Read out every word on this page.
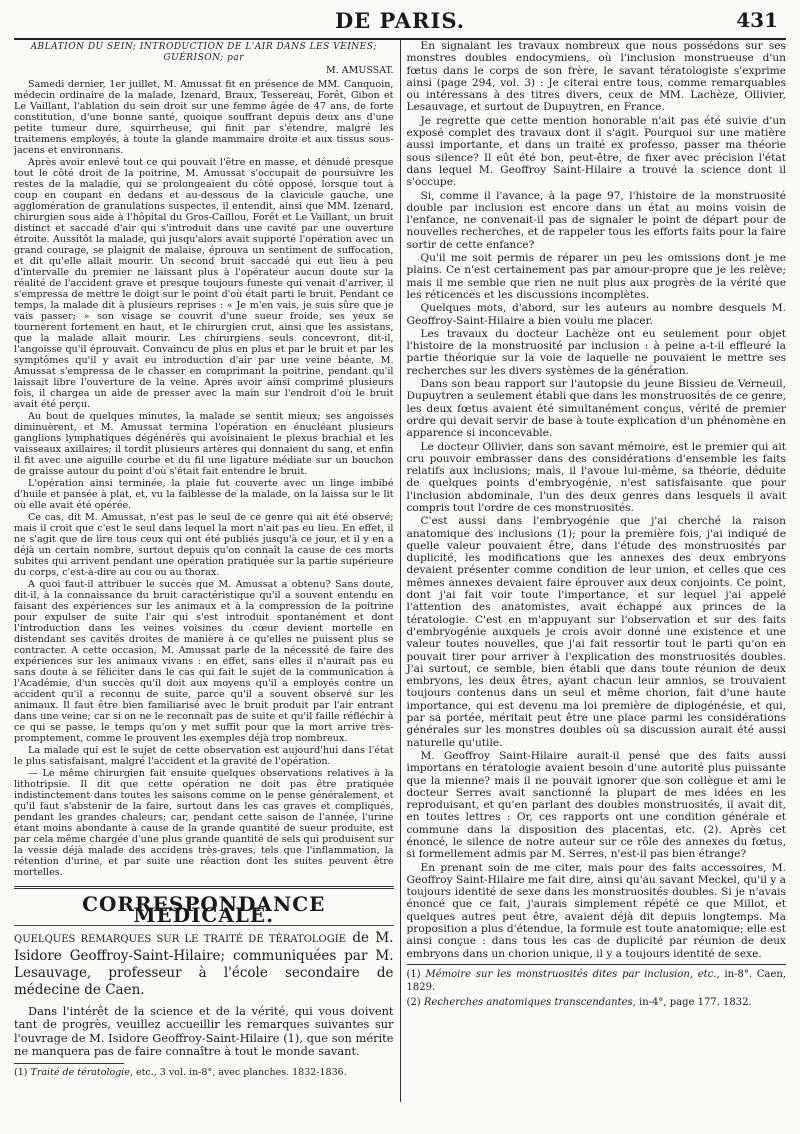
DE PARIS.	431
ABLATION DU SEIN; INTRODUCTION DE L'AIR DANS LES VEINES; GUÉRISON; par
M. AMUSSAT.

Samedi dernier, 1er juillet, M. Amussat fit en présence de MM. Canquoin, médecin ordinaire de la malade, Izenard, Braux, Tessereau, Forêt, Gibon et Le Vaillant, l'ablation du sein droit sur une femme âgée de 47 ans, de forte constitution, d'une bonne santé, quoique souffrant depuis deux ans d'une petite tumeur dure, squirrheuse, qui finit par s'étendre, malgré les traitemens employés, à toute la glande mammaire droite et aux tissus sous-jacens et environnans.

Après avoir enlevé tout ce qui pouvait l'être en masse, et dénudé presque tout le côté droit de la poitrine, M. Amussat s'occupait de poursuivre les restes de la maladie, qui se prolongeaient du côté opposé, lorsque tout à coup en coupant en dedans et au-dessous de la clavicule gauche, une agglomération de granulations suspectes, il entendit, ainsi que MM. Izenard, chirurgien sous aide à l'hôpital du Gros-Caillou, Forêt et Le Vaillant, un bruit distinct et saccadé d'air qui s'introduit dans une cavité par une ouverture étroite. Aussitôt la malade, qui jusqu'alors avait supporté l'opération avec un grand courage, se plaignit de malaise, éprouva un sentiment de suffocation, et dit qu'elle allait mourir. Un second bruit saccadé qui eut lieu à peu d'intervalle du premier ne laissant plus à l'opérateur aucun doute sur la réalité de l'accident grave et presque toujours funeste qui venait d'arriver, il s'empressa de mettre le doigt sur le point d'où était parti le bruit. Pendant ce temps, la malade dit à plusieurs reprises : « Je m'en vais, je suis sûre que je vais passer; » son visage se couvrit d'une sueur froide, ses yeux se tournèrent fortement en haut, et le chirurgien crut, ainsi que les assistans, que la malade allait mourir. Les chirurgiens seuls concevront, dit-il, l'angoisse qu'il éprouvait. Convaincu de plus en plus et par le bruit et par les symptômes qu'il y avait eu introduction d'air par une veine béante, M. Amussat s'empressa de le chasser en comprimant la poitrine, pendant qu'il laissait libre l'ouverture de la veine. Après avoir ainsi comprimé plusieurs fois, il chargea un aide de presser avec la main sur l'endroit d'où le bruit avait été perçu.

Au bout de quelques minutes, la malade se sentit mieux; ses angoisses diminuèrent, et M. Amussat termina l'opération en énucléant plusieurs ganglions lymphatiques dégénérés qui avoisinaient le plexus brachial et les vaisseaux axillaires; il tordit plusieurs artères qui donnaient du sang, et enfin il fit avec une aiguille courbe et du fil une ligature médiate sur un bouchon de graisse autour du point d'où s'était fait entendre le bruit.

L'opération ainsi terminée, la plaie fut couverte avec un linge imbibé d'huile et pansée à plat, et, vu la faiblesse de la malade, on la laissa sur le lit où elle avait été opérée.

Ce cas, dit M. Amussat, n'est pas le seul de ce genre qui ait été observé; mais il croit que c'est le seul dans lequel la mort n'ait pas eu lieu. En effet, il ne s'agit que de lire tous ceux qui ont été publiés jusqu'à ce jour, et il y en a déjà un certain nombre, surtout depuis qu'on connaît la cause de ces morts subites qui arrivent pendant une opération pratiquée sur la partie supérieure du corps, c'est-à-dire au cou ou au thorax.

A quoi faut-il attribuer le succès que M. Amussat a obtenu? Sans doute, dit-il, à la connaissance du bruit caractéristique qu'il a souvent entendu en faisant des expériences sur les animaux et à la compression de la poitrine pour expulser de suite l'air qui s'est introduit spontanément et dont l'introduction dans les veines voisines du cœur devient mortelle en distendant ses cavités droites de manière à ce qu'elles ne puissent plus se contracter. A cette occasion, M. Amussat parle de la nécessité de faire des expériences sur les animaux vivans : en effet, sans elles il n'aurait pas eu sans doute à se féliciter dans le cas qui fait le sujet de la communication à l'Académie, d'un succès qu'il doit aux moyens qu'il a employés contre un accident qu'il a reconnu de suite, parce qu'il a souvent observé sur les animaux. Il faut être bien familiarisé avec le bruit produit par l'air entrant dans une veine; car si on ne le reconnaît pas de suite et qu'il faille réfléchir à ce qui se passe, le temps qu'on y met suffit pour que la mort arrive très-promptement, comme le prouvent les exemples déjà trop nombreux.

La malade qui est le sujet de cette observation est aujourd'hui dans l'état le plus satisfaisant, malgré l'accident et la gravité de l'opération.

— Le même chirurgien fait ensuite quelques observations relatives à la lithotripsie. Il dit que cette opération ne doit pas être pratiquée indistinctement dans toutes les saisons comme on le pense généralement, et qu'il faut s'abstenir de la faire, surtout dans les cas graves et compliqués, pendant les grandes chaleurs; car, pendant cette saison de l'année, l'urine étant moins abondante à cause de la grande quantité de sueur produite, est par cela même chargée d'une plus grande quantité de sels qui produisent sur la vessie déjà malade des accidens très-graves, tels que l'inflammation, la rétention d'urine, et par suite une réaction dont les suites peuvent être mortelles.

CORRESPONDANCE MÉDICALE.
QUELQUES REMARQUES SUR LE TRAITÉ DE TÉRATOLOGIE de M. Isidore Geoffroy-Saint-Hilaire; communiquées par M. Lesauvage, professeur à l'école secondaire de médecine de Caen.

Dans l'intérêt de la science et de la vérité, qui vous doivent tant de progrès, veuillez accueillir les remarques suivantes sur l'ouvrage de M. Isidore Geoffroy-Saint-Hilaire (1), que son mérite ne manquera pas de faire connaître à tout le monde savant.

(1) Traité de tératologie, etc., 3 vol. in-8°, avec planches. 1832-1836.

En signalant les travaux nombreux que nous possédons sur ses monstres doubles endocymiens, où l'inclusion monstrueuse d'un fœtus dans le corps de son frère, le savant tératologiste s'exprime ainsi (page 294, vol. 3) : Je citerai entre tous, comme remarquables ou intéressans à des titres divers, ceux de MM. Lachèze, Ollivier, Lesauvage, et surtout de Dupuytren, en France.

Je regrette que cette mention honorable n'ait pas été suivie d'un exposé complet des travaux dont il s'agit. Pourquoi sur une matière aussi importante, et dans un traité ex professo, passer ma théorie sous silence? Il eût été bon, peut-être, de fixer avec précision l'état dans lequel M. Geoffroy Saint-Hilaire a trouvé la science dont il s'occupe.

Si, comme il l'avance, à la page 97, l'histoire de la monstruosité double par inclusion est encore dans un état au moins voisin de l'enfance, ne convenait-il pas de signaler le point de départ pour de nouvelles recherches, et de rappeler tous les efforts faits pour la faire sortir de cette enfance?

Qu'il me soit permis de réparer un peu les omissions dont je me plains. Ce n'est certainement pas par amour-propre que je les relève; mais il me semble que rien ne nuit plus aux progrès de la vérité que les réticences et les discussions incomplètes.

Quelques mots, d'abord, sur les auteurs au nombre desquels M. Geoffroy-Saint-Hilaire a bien voulu me placer.

Les travaux du docteur Lachèze ont eu seulement pour objet l'histoire de la monstruosité par inclusion : à peine a-t-il effleuré la partie théorique sur la voie de laquelle ne pouvaient le mettre ses recherches sur les divers systèmes de la génération.

Dans son beau rapport sur l'autopsie du jeune Bissieu de Verneuil, Dupuytren a seulement établi que dans les monstruosités de ce genre, les deux fœtus avaient été simultanément conçus, vérité de premier ordre qui devait servir de base à toute explication d'un phénomène en apparence si inconcevable.

Le docteur Ollivier, dans son savant mémoire, est le premier qui ait cru pouvoir embrasser dans des considérations d'ensemble les faits relatifs aux inclusions; mais, il l'avoue lui-même, sa théorie, déduite de quelques points d'embryogénie, n'est satisfaisante que pour l'inclusion abdominale, l'un des deux genres dans lesquels il avait compris tout l'ordre de ces monstruosités.

C'est aussi dans l'embryogénie que j'ai cherché la raison anatomique des inclusions (1); pour la première fois, j'ai indiqué de quelle valeur pouvaient être, dans l'étude des monstruosités par duplicité, les modifications que les annexes des deux embryons devaient présenter comme condition de leur union, et celles que ces mêmes annexes devaient faire éprouver aux deux conjoints. Ce point, dont j'ai fait voir toute l'importance, et sur lequel j'ai appelé l'attention des anatomistes, avait échappé aux princes de la tératologie. C'est en m'appuyant sur l'observation et sur des faits d'embryogénie auxquels je crois avoir donné une existence et une valeur toutes nouvelles, que j'ai fait ressortir tout le parti qu'on en pouvait tirer pour arriver à l'explication des monstruosités doubles. J'ai surtout, ce semble, bien établi que dans toute réunion de deux embryons, les deux êtres, ayant chacun leur amnios, se trouvaient toujours contenus dans un seul et même chorion, fait d'une haute importance, qui est devenu ma loi première de diplogénésie, et qui, par sa portée, méritait peut être une place parmi les considérations générales sur les monstres doubles où sa discussion aurait été aussi naturelle qu'utile.

M. Geoffroy Saint-Hilaire aurait-il pensé que des faits aussi importans en tératologie avaient besoin d'une autorité plus puissante que la mienne? mais il ne pouvait ignorer que son collègue et ami le docteur Serres avait sanctionné la plupart de mes idées en les reproduisant, et qu'en parlant des doubles monstruosités, il avait dit, en toutes lettres : Or, ces rapports ont une condition générale et commune dans la disposition des placentas, etc. (2). Après cet énoncé, le silence de notre auteur sur ce rôle des annexes du fœtus, si formellement admis par M. Serres, n'est-il pas bien étrange?

En prenant soin de me citer, mais pour des faits accessoires, M. Geoffroy Saint-Hilaire me fait dire, ainsi qu'au savant Meckel, qu'il y a toujours identité de sexe dans les monstruosités doubles. Si je n'avais énoncé que ce fait, j'aurais simplement répété ce que Millot, et quelques autres peut être, avaient déjà dit depuis longtemps. Ma proposition a plus d'étendue, la formule est toute anatomique; elle est ainsi conçue : dans tous les cas de duplicité par réunion de deux embryons dans un chorion unique, il y a toujours identité de sexe.

(1) Mémoire sur les monstruosités dites par inclusion, etc., in-8°. Caen, 1829.

(2) Recherches anatomiques transcendantes, in-4°, page 177. 1832.
